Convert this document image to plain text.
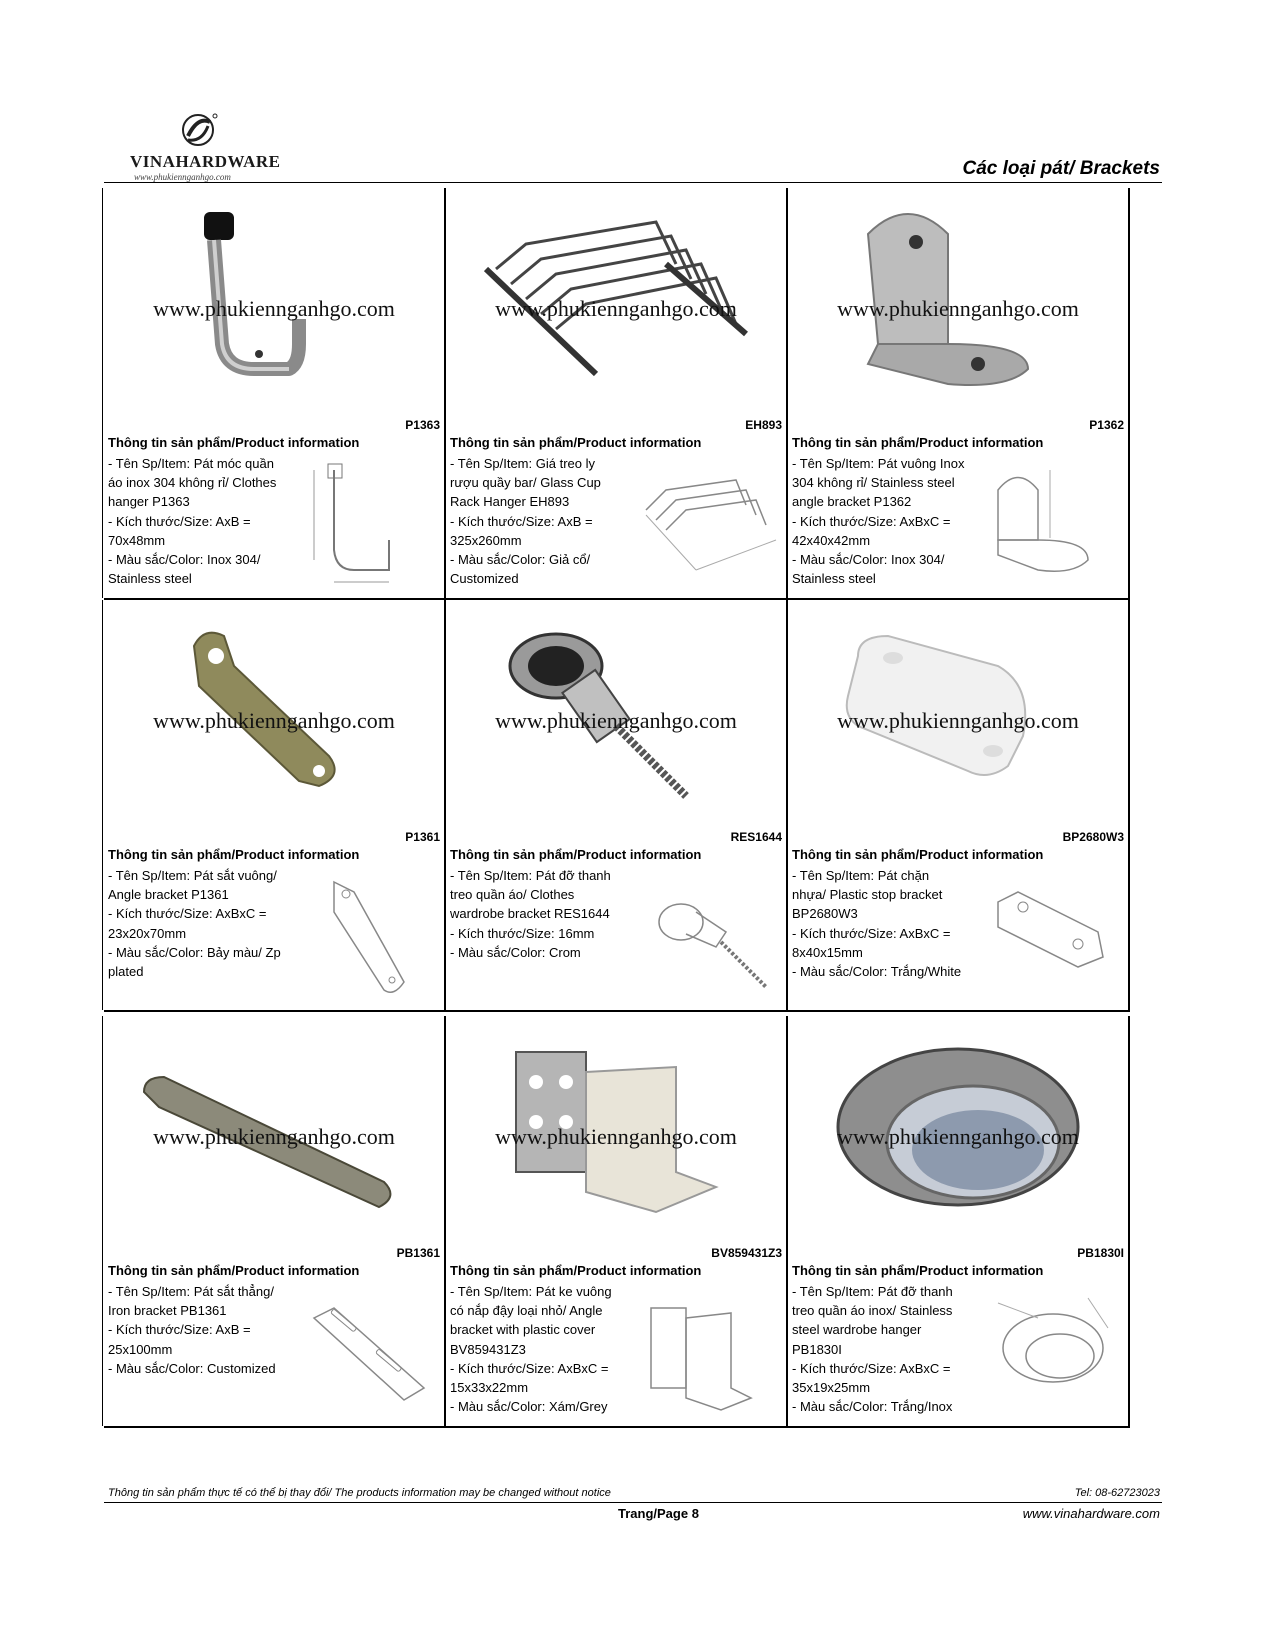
VINAHARDWARE
www.phukiennganhgo.com	Các loại pát/ Brackets
www.phukiennganhgo.com
P1363
Thông tin sản phẩm/Product information
- Tên Sp/Item: Pát móc quần
áo inox 304 không rỉ/ Clothes
hanger P1363
- Kích thước/Size: AxB =
70x48mm
- Màu sắc/Color: Inox 304/
Stainless steel
www.phukiennganhgo.com
EH893
Thông tin sản phẩm/Product information
- Tên Sp/Item: Giá treo ly
rượu quầy bar/ Glass Cup
Rack Hanger EH893
- Kích thước/Size: AxB =
325x260mm
- Màu sắc/Color: Giả cổ/
Customized
www.phukiennganhgo.com
P1362
Thông tin sản phẩm/Product information
- Tên Sp/Item: Pát vuông Inox
304 không rỉ/ Stainless steel
angle bracket P1362
- Kích thước/Size: AxBxC =
42x40x42mm
- Màu sắc/Color: Inox 304/
Stainless steel
www.phukiennganhgo.com
P1361
Thông tin sản phẩm/Product information
- Tên Sp/Item: Pát sắt vuông/
Angle bracket P1361
- Kích thước/Size: AxBxC =
23x20x70mm
- Màu sắc/Color: Bảy màu/ Zp
plated
www.phukiennganhgo.com
RES1644
Thông tin sản phẩm/Product information
- Tên Sp/Item: Pát đỡ thanh
treo quần áo/ Clothes
wardrobe bracket RES1644
- Kích thước/Size: 16mm
- Màu sắc/Color: Crom
www.phukiennganhgo.com
BP2680W3
Thông tin sản phẩm/Product information
- Tên Sp/Item: Pát chặn
nhựa/ Plastic stop bracket
BP2680W3
- Kích thước/Size: AxBxC =
8x40x15mm
- Màu sắc/Color: Trắng/White
www.phukiennganhgo.com
PB1361
Thông tin sản phẩm/Product information
- Tên Sp/Item: Pát sắt thẳng/
Iron bracket PB1361
- Kích thước/Size: AxB =
25x100mm
- Màu sắc/Color: Customized
www.phukiennganhgo.com
BV859431Z3
Thông tin sản phẩm/Product information
- Tên Sp/Item: Pát ke vuông
có nắp đậy loại nhỏ/ Angle
bracket with plastic cover
BV859431Z3
- Kích thước/Size: AxBxC =
15x33x22mm
- Màu sắc/Color: Xám/Grey
www.phukiennganhgo.com
PB1830I
Thông tin sản phẩm/Product information
- Tên Sp/Item: Pát đỡ thanh
treo quần áo inox/ Stainless
steel wardrobe hanger
PB1830I
- Kích thước/Size: AxBxC =
35x19x25mm
- Màu sắc/Color: Trắng/Inox
Thông tin sản phẩm thực tế có thể bị thay đổi/ The products information may be changed without notice	Tel: 08-62723023
Trang/Page 8	www.vinahardware.com
